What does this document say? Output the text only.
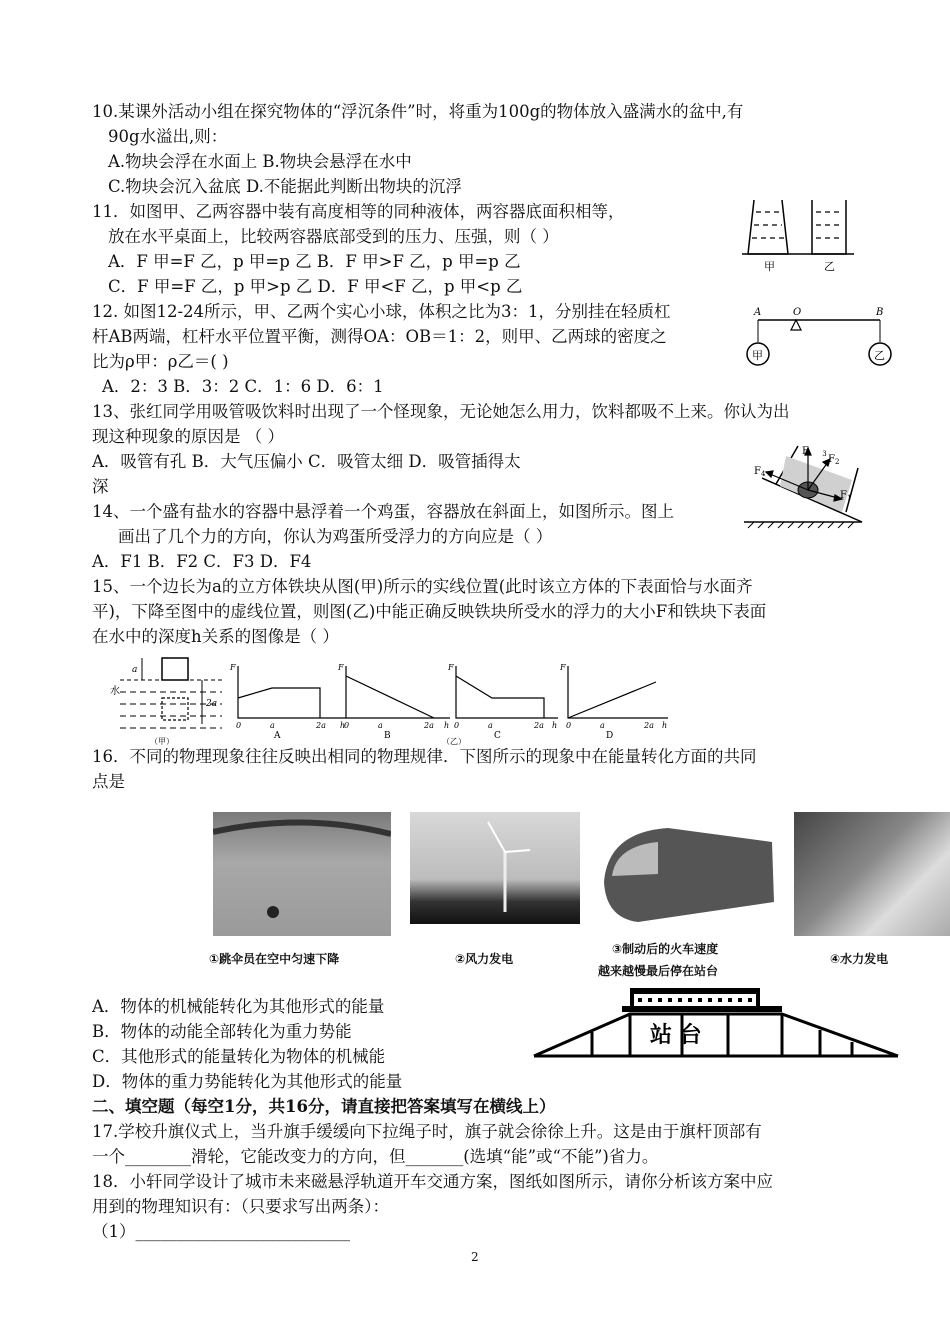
10.某课外活动小组在探究物体的“浮沉条件”时，将重为100g的物体放入盛满水的盆中,有
90g水溢出,则：
A.物块会浮在水面上 B.物块会悬浮在水中
C.物块会沉入盆底 D.不能据此判断出物块的沉浮
11．如图甲、乙两容器中装有高度相等的同种液体，两容器底面积相等，
放在水平桌面上，比较两容器底部受到的压力、压强，则（ ）
A．F 甲=F 乙，p 甲=p 乙 B．F 甲>F 乙，p 甲=p 乙
C．F 甲=F 乙，p 甲>p 乙 D．F 甲<F 乙，p 甲<p 乙
12. 如图12-24所示，甲、乙两个实心小球，体积之比为3：1，分别挂在轻质杠
杆AB两端，杠杆水平位置平衡，测得OA：OB＝1：2，则甲、乙两球的密度之
比为ρ甲：ρ乙＝( )
A．2：3 B．3：2 C．1：6 D．6：1
13、张红同学用吸管吸饮料时出现了一个怪现象，无论她怎么用力，饮料都吸不上来。你认为出
现这种现象的原因是 （ ）
A．吸管有孔 B．大气压偏小 C．吸管太细 D．吸管插得太
深
14、一个盛有盐水的容器中悬浮着一个鸡蛋，容器放在斜面上，如图所示。图上
画出了几个力的方向，你认为鸡蛋所受浮力的方向应是（ ）
A．F1 B．F2 C．F3 D．F4
15、一个边长为a的立方体铁块从图(甲)所示的实线位置(此时该立方体的下表面恰与水面齐
平)，下降至图中的虚线位置，则图(乙)中能正确反映铁块所受水的浮力的大小F和铁块下表面
在水中的深度h关系的图像是（ ）
16．不同的物理现象往往反映出相同的物理规律．下图所示的现象中在能量转化方面的共同
点是
A．物体的机械能转化为其他形式的能量
B．物体的动能全部转化为重力势能
C．其他形式的能量转化为物体的机械能
D．物体的重力势能转化为其他形式的能量
二、填空题（每空1分，共16分，请直接把答案填写在横线上）
17.学校升旗仪式上，当升旗手缓缓向下拉绳子时，旗子就会徐徐上升。这是由于旗杆顶部有
一个________滑轮，它能改变力的方向，但_______(选填“能”或“不能”)省力。
18．小轩同学设计了城市未来磁悬浮轨道开车交通方案，图纸如图所示，请你分析该方案中应
用到的物理知识有：（只要求写出两条）：
（1）__________________________
甲	乙
A	O	B
甲	乙
F $_3$ $F_2$
$F_1$
$F_4$
a
水
2a
（甲）
F	F	F	F
0	a	2a h
0	a	2a h 0	a	2a h 0	a	2a h
A	B	C	D
（乙）
①跳伞员在空中匀速下降	②风力发电
③制动后的火车速度
越来越慢最后停在站台
④水力发电
站 台
2
